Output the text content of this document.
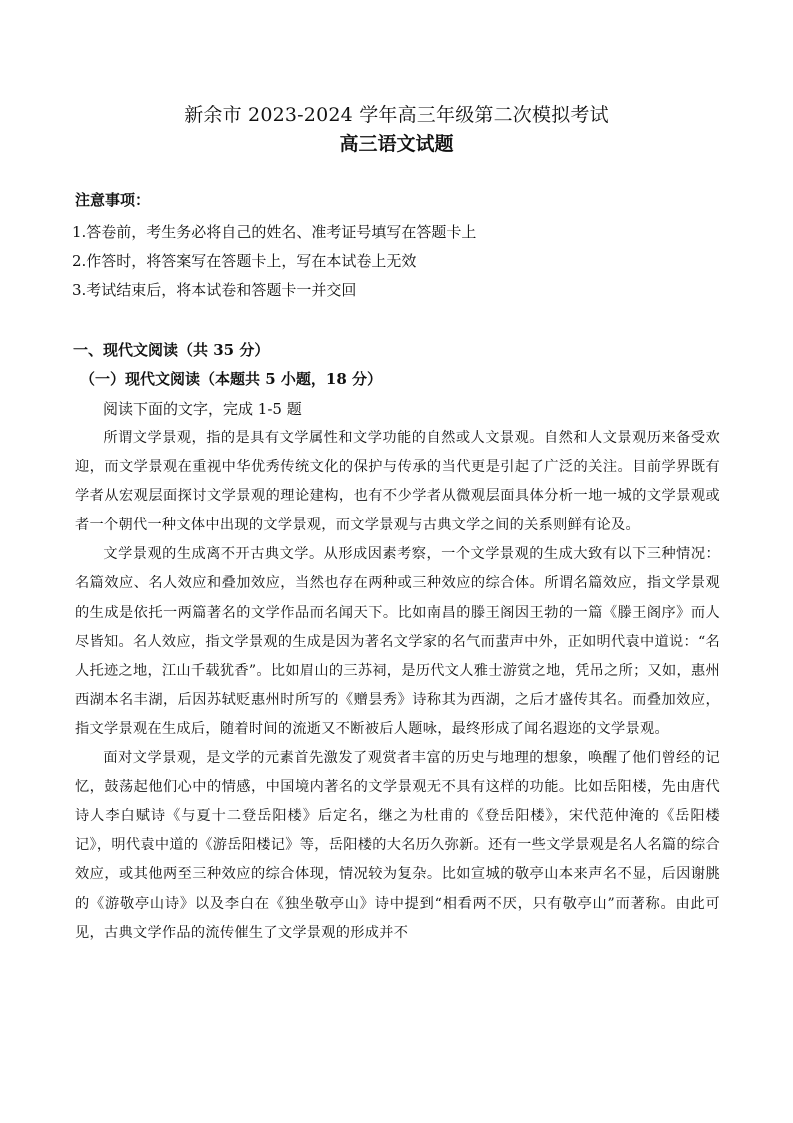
新余市 2023-2024 学年高三年级第二次模拟考试
高三语文试题
注意事项：
1.答卷前，考生务必将自己的姓名、准考证号填写在答题卡上
2.作答时，将答案写在答题卡上，写在本试卷上无效
3.考试结束后，将本试卷和答题卡一并交回
一、现代文阅读（共 35 分）
（一）现代文阅读（本题共 5 小题，18 分）
阅读下面的文字，完成 1-5 题

所谓文学景观，指的是具有文学属性和文学功能的自然或人文景观。自然和人文景观历来备受欢迎，而文学景观在重视中华优秀传统文化的保护与传承的当代更是引起了广泛的关注。目前学界既有学者从宏观层面探讨文学景观的理论建构，也有不少学者从微观层面具体分析一地一城的文学景观或者一个朝代一种文体中出现的文学景观，而文学景观与古典文学之间的关系则鲜有论及。

文学景观的生成离不开古典文学。从形成因素考察，一个文学景观的生成大致有以下三种情况：名篇效应、名人效应和叠加效应，当然也存在两种或三种效应的综合体。所谓名篇效应，指文学景观的生成是依托一两篇著名的文学作品而名闻天下。比如南昌的滕王阁因王勃的一篇《滕王阁序》而人尽皆知。名人效应，指文学景观的生成是因为著名文学家的名气而蜚声中外，正如明代袁中道说：“名人托迹之地，江山千载犹香”。比如眉山的三苏祠，是历代文人雅士游赏之地，凭吊之所；又如，惠州西湖本名丰湖，后因苏轼贬惠州时所写的《赠昙秀》诗称其为西湖，之后才盛传其名。而叠加效应，指文学景观在生成后，随着时间的流逝又不断被后人题咏，最终形成了闻名遐迩的文学景观。

面对文学景观，是文学的元素首先激发了观赏者丰富的历史与地理的想象，唤醒了他们曾经的记忆，鼓荡起他们心中的情感，中国境内著名的文学景观无不具有这样的功能。比如岳阳楼，先由唐代诗人李白赋诗《与夏十二登岳阳楼》后定名，继之为杜甫的《登岳阳楼》，宋代范仲淹的《岳阳楼记》，明代袁中道的《游岳阳楼记》等，岳阳楼的大名历久弥新。还有一些文学景观是名人名篇的综合效应，或其他两至三种效应的综合体现，情况较为复杂。比如宣城的敬亭山本来声名不显，后因谢朓的《游敬亭山诗》以及李白在《独坐敬亭山》诗中提到“相看两不厌，只有敬亭山”而著称。由此可见，古典文学作品的流传催生了文学景观的形成并不
